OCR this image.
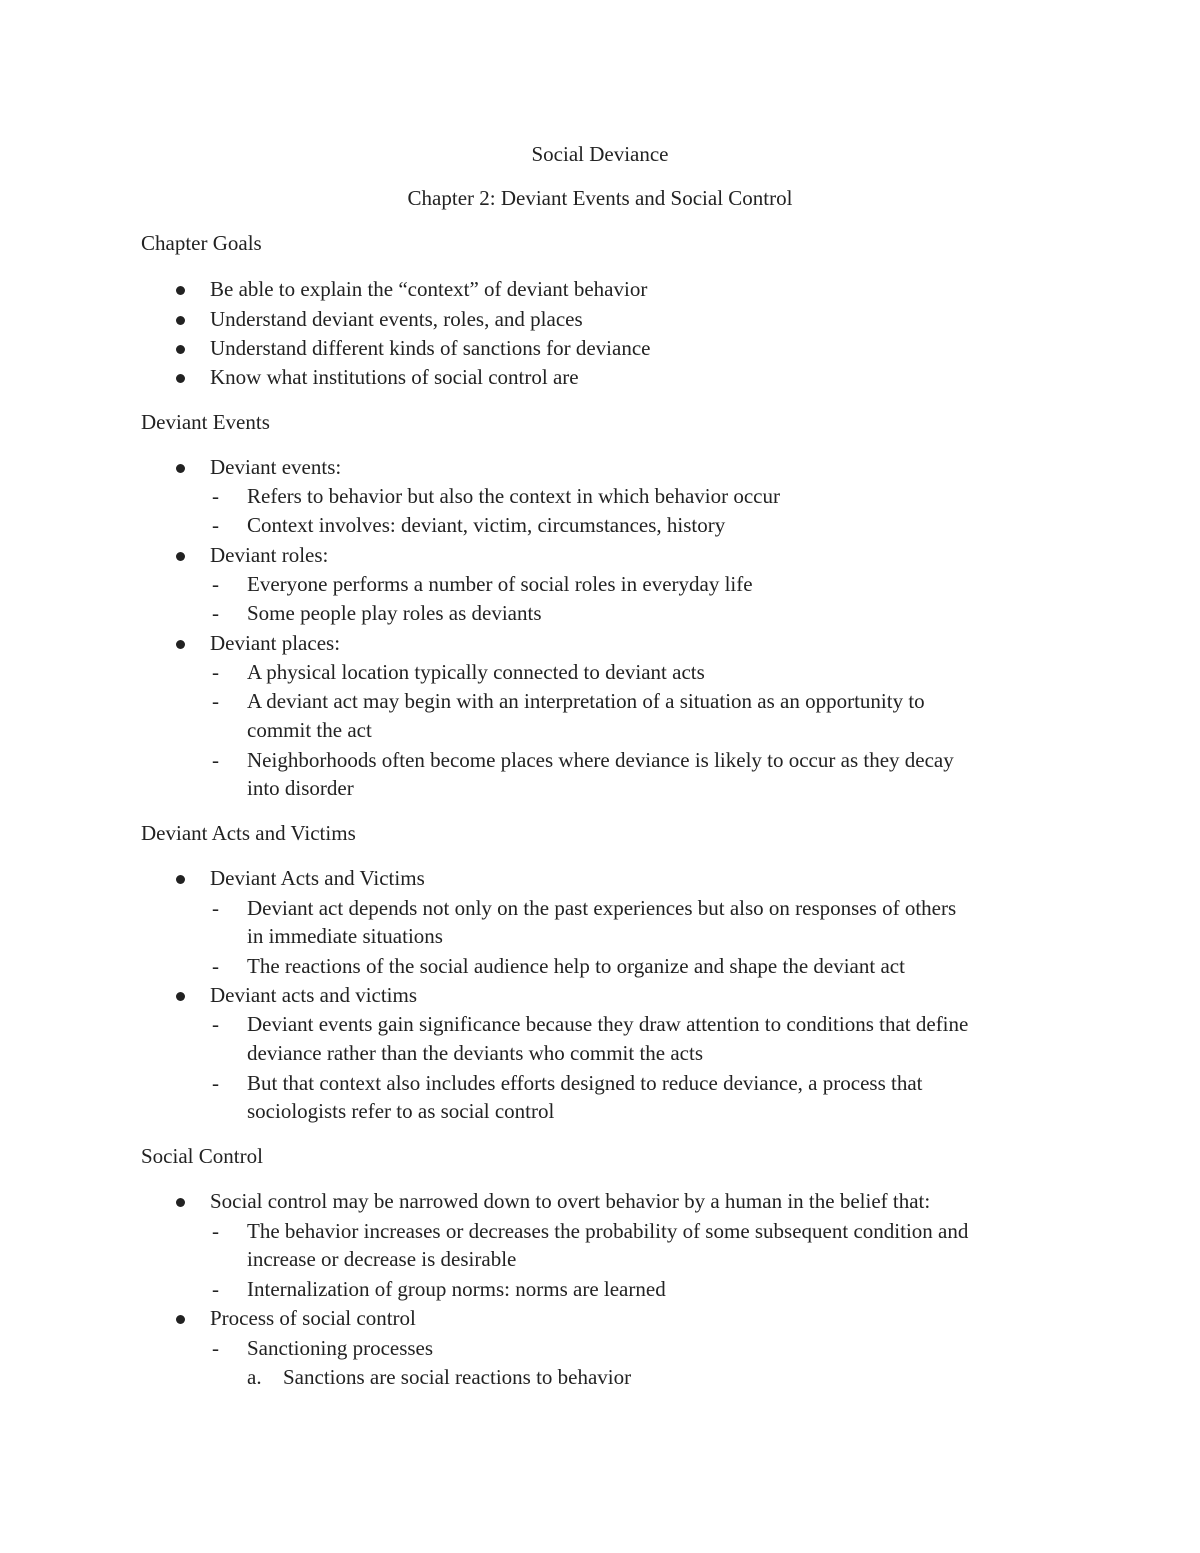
Social Deviance
Chapter 2: Deviant Events and Social Control
Chapter Goals
Be able to explain the “context” of deviant behavior
Understand deviant events, roles, and places
Understand different kinds of sanctions for deviance
Know what institutions of social control are
Deviant Events
Deviant events:
- Refers to behavior but also the context in which behavior occur
- Context involves: deviant, victim, circumstances, history
Deviant roles:
- Everyone performs a number of social roles in everyday life
- Some people play roles as deviants
Deviant places:
- A physical location typically connected to deviant acts
- A deviant act may begin with an interpretation of a situation as an opportunity to
commit the act
- Neighborhoods often become places where deviance is likely to occur as they decay
into disorder
Deviant Acts and Victims
Deviant Acts and Victims
- Deviant act depends not only on the past experiences but also on responses of others
in immediate situations
- The reactions of the social audience help to organize and shape the deviant act
Deviant acts and victims
- Deviant events gain significance because they draw attention to conditions that define
deviance rather than the deviants who commit the acts
- But that context also includes efforts designed to reduce deviance, a process that
sociologists refer to as social control
Social Control
Social control may be narrowed down to overt behavior by a human in the belief that:
- The behavior increases or decreases the probability of some subsequent condition and
increase or decrease is desirable
- Internalization of group norms: norms are learned
Process of social control
- Sanctioning processes
a. Sanctions are social reactions to behavior
